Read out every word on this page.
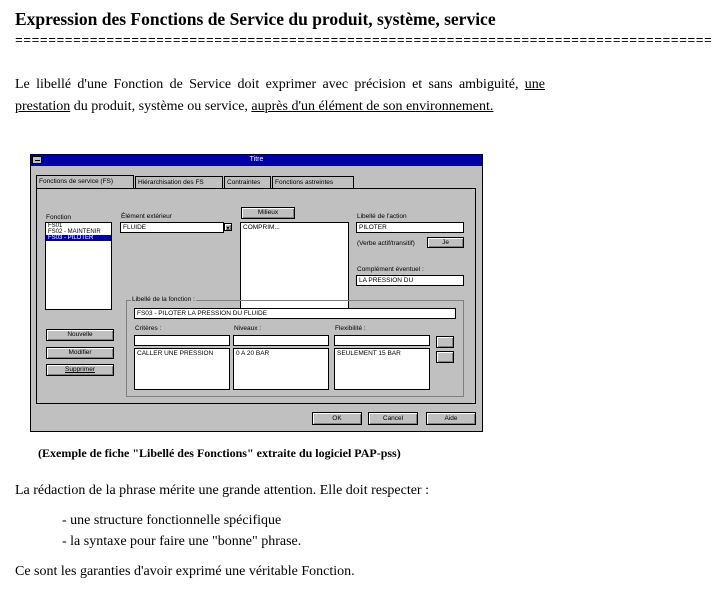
Expression des Fonctions de Service du produit, système, service
====================================================================================
Le libellé d'une Fonction de Service doit exprimer avec précision et sans ambiguité, une prestation du produit, système ou service, auprès d'un élément de son environnement.
Titre
Fonctions de service (FS)	Hiérarchisation des FS	Contraintes	Fonctions astreintes
Fonction
FS01
FS02 - MAINTENIR
FS03 - PILOTER
Élément extérieur
FLUIDE	▾
Milieux
COMPRIM...
Libellé de l'action
PILOTER
(Verbe actif/transitif)	Je
Complément éventuel :
LA PRESSION DU
Libellé de la fonction :
FS03 - PILOTER LA PRESSION DU FLUIDE
Critères :
CALLER UNE PRESSION
Niveaux :
0 A 20 BAR
Flexibilité :
SEULEMENT 15 BAR
Nouvelle
Modifier
Supprimer
OK	Cancel	Aide
(Exemple de fiche "Libellé des Fonctions" extraite du logiciel PAP-pss)
La rédaction de la phrase mérite une grande attention. Elle doit respecter :
- une structure fonctionnelle spécifique
- la syntaxe pour faire une "bonne" phrase.
Ce sont les garanties d'avoir exprimé une véritable Fonction.
